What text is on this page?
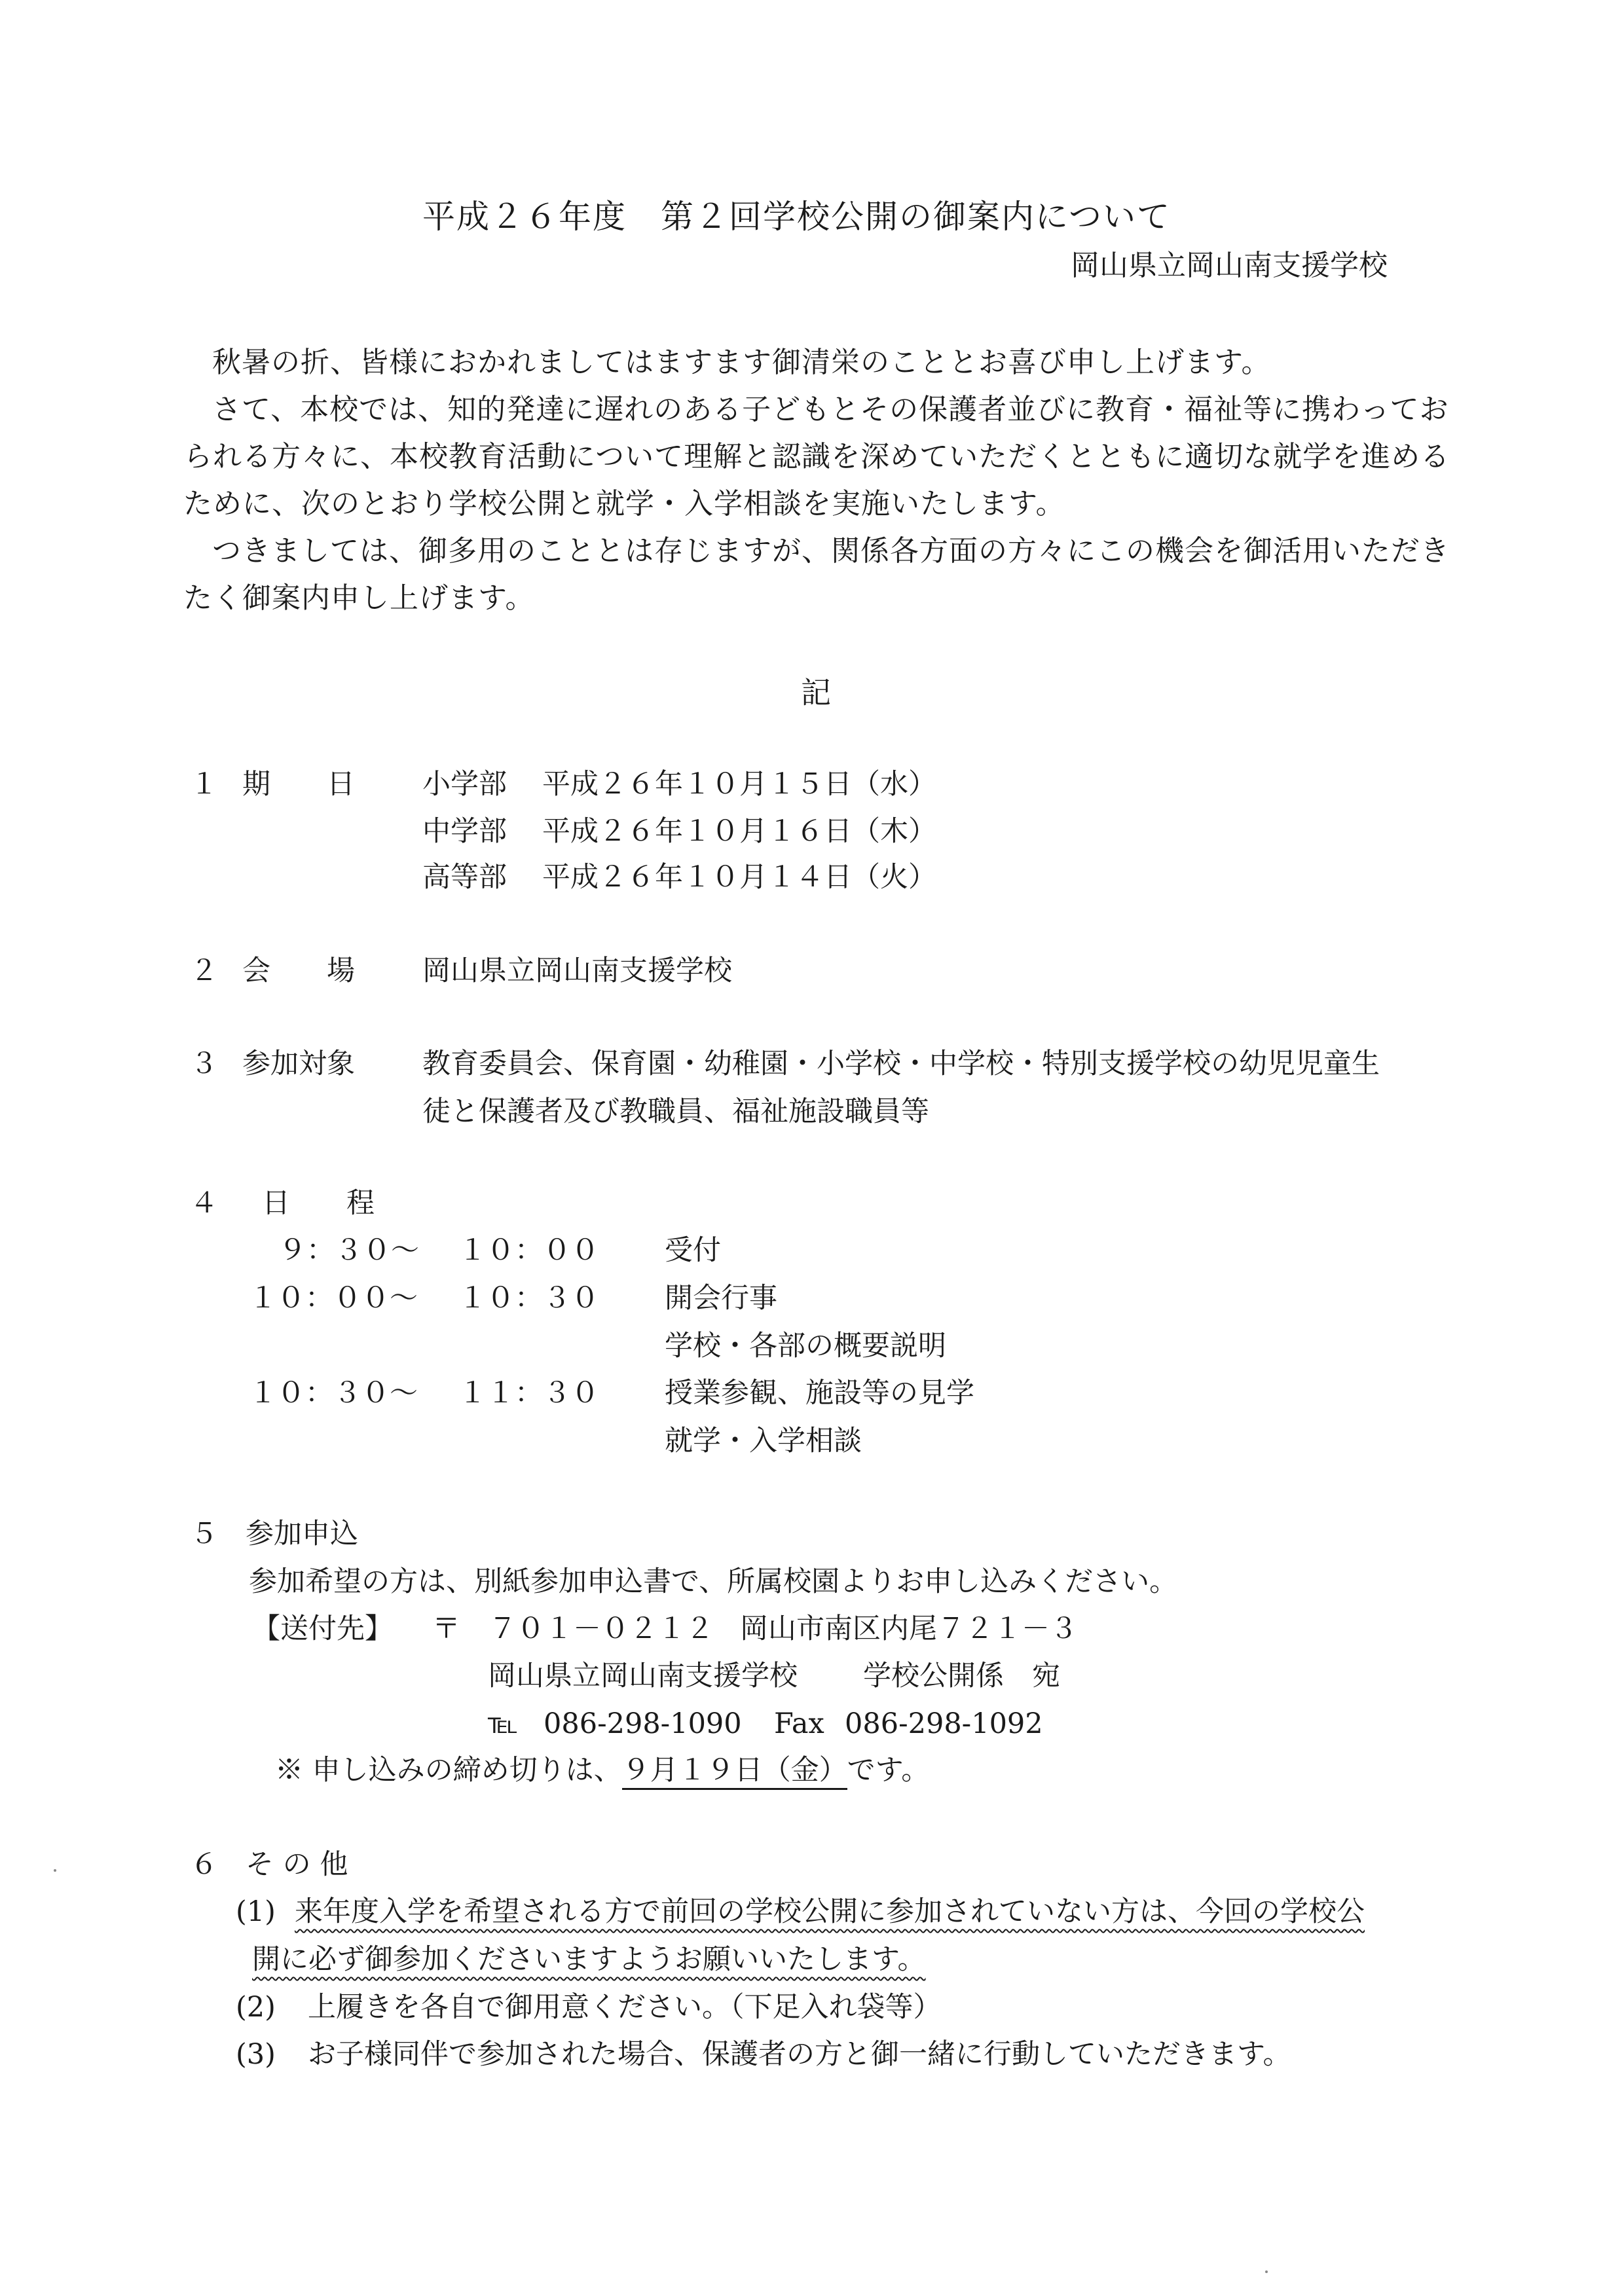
平成２６年度　第２回学校公開の御案内について
岡山県立岡山南支援学校
秋暑の折、皆様におかれましてはますます御清栄のこととお喜び申し上げます。
さて、本校では、知的発達に遅れのある子どもとその保護者並びに教育・福祉等に携わっておられる方々に、本校教育活動について理解と認識を深めていただくとともに適切な就学を進めるために、次のとおり学校公開と就学・入学相談を実施いたします。
つきましては、御多用のこととは存じますが、関係各方面の方々にこの機会を御活用いただきたく御案内申し上げます。
記
１ 期　　日 小学部 平成２６年１０月１５日（水）
中学部 平成２６年１０月１６日（木）
高等部 平成２６年１０月１４日（火）
２ 会　　場 岡山県立岡山南支援学校
３ 参加対象 教育委員会、保育園・幼稚園・小学校・中学校・特別支援学校の幼児児童生
徒と保護者及び教職員、福祉施設職員等
４ 日　　程
９：３０～ １０：００ 受付
１０：００～ １０：３０ 開会行事
学校・各部の概要説明
１０：３０～ １１：３０ 授業参観、施設等の見学
就学・入学相談
５ 参加申込
参加希望の方は、別紙参加申込書で、所属校園よりお申し込みください。
【送付先】 〒　７０１－０２１２ 岡山市南区内尾７２１－３
岡山県立岡山南支援学校 学校公開係　宛
℡ 086-298-1090 Fax 086-298-1092
※ 申し込みの締め切りは、９月１９日（金）です。
６ そ の 他
(1) 来年度入学を希望される方で前回の学校公開に参加されていない方は、今回の学校公
開に必ず御参加くださいますようお願いいたします。
(2) 上履きを各自で御用意ください。（下足入れ袋等）
(3) お子様同伴で参加された場合、保護者の方と御一緒に行動していただきます。
